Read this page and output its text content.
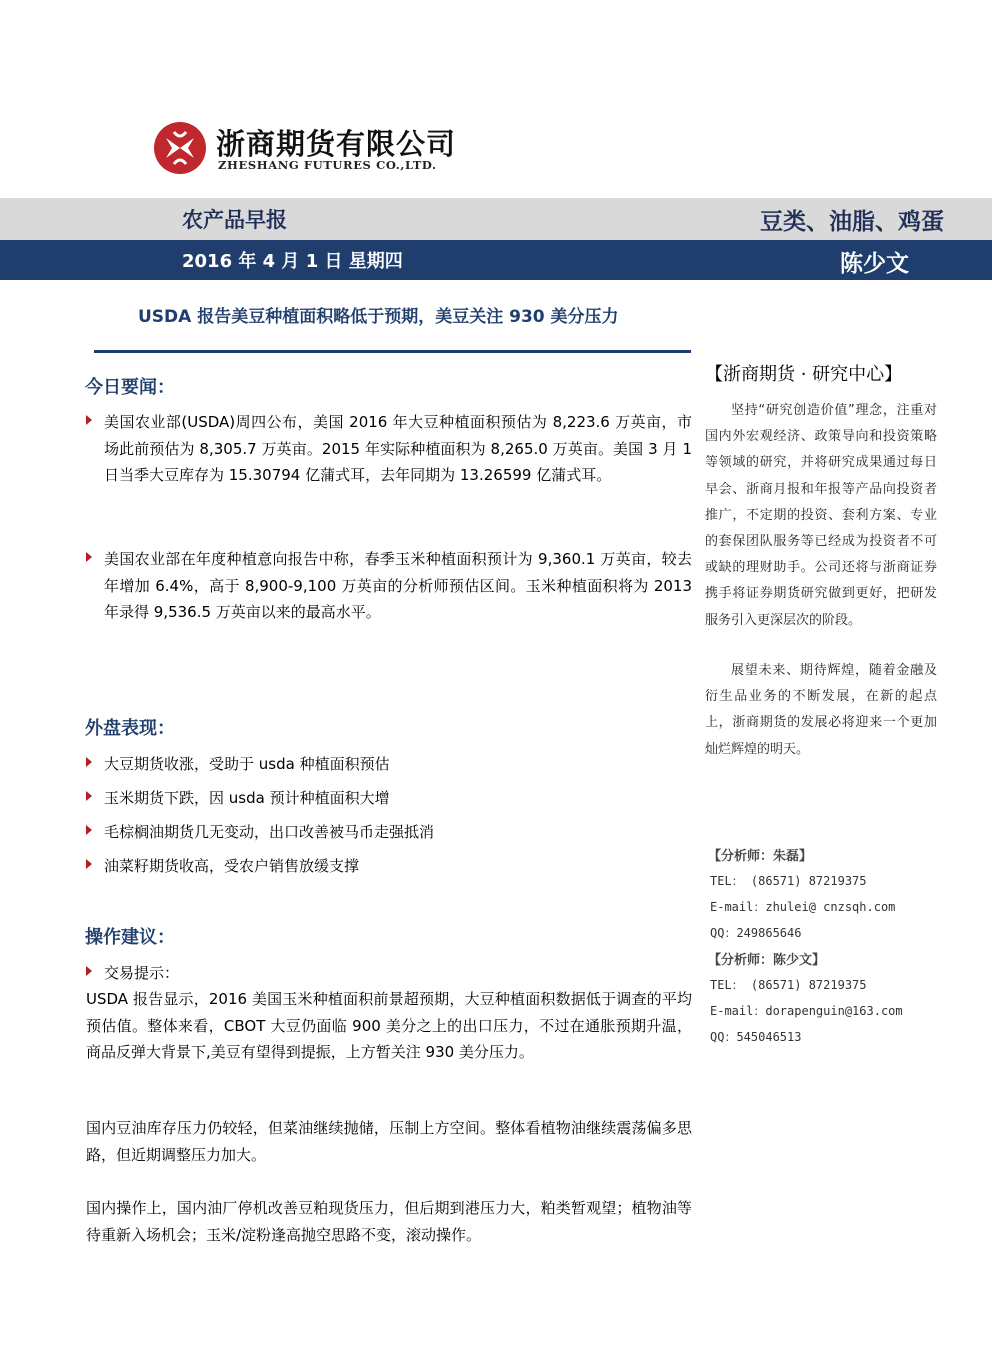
浙商期货有限公司
ZHESHANG FUTURES CO.,LTD.
农产品早报	豆类、油脂、鸡蛋
2016 年 4 月 1 日 星期四	陈少文
USDA 报告美豆种植面积略低于预期，美豆关注 930 美分压力
今日要闻：
美国农业部(USDA)周四公布，美国 2016 年大豆种植面积预估为 8,223.6 万英亩，市场此前预估为 8,305.7 万英亩。2015 年实际种植面积为 8,265.0 万英亩。美国 3 月 1 日当季大豆库存为 15.30794 亿蒲式耳，去年同期为 13.26599 亿蒲式耳。
美国农业部在年度种植意向报告中称，春季玉米种植面积预计为 9,360.1 万英亩，较去年增加 6.4%，高于 8,900-9,100 万英亩的分析师预估区间。玉米种植面积将为 2013 年录得 9,536.5 万英亩以来的最高水平。
外盘表现：
大豆期货收涨，受助于 usda 种植面积预估
玉米期货下跌，因 usda 预计种植面积大增
毛棕榈油期货几无变动，出口改善被马币走强抵消
油菜籽期货收高，受农户销售放缓支撑
操作建议：
交易提示：
USDA 报告显示，2016 美国玉米种植面积前景超预期，大豆种植面积数据低于调查的平均预估值。整体来看，CBOT 大豆仍面临 900 美分之上的出口压力，不过在通胀预期升温，商品反弹大背景下,美豆有望得到提振，上方暂关注 930 美分压力。
国内豆油库存压力仍较轻，但菜油继续抛储，压制上方空间。整体看植物油继续震荡偏多思路，但近期调整压力加大。
国内操作上，国内油厂停机改善豆粕现货压力，但后期到港压力大，粕类暂观望；植物油等待重新入场机会；玉米/淀粉逢高抛空思路不变，滚动操作。
【浙商期货 · 研究中心】
坚持“研究创造价值”理念，注重对国内外宏观经济、政策导向和投资策略等领域的研究，并将研究成果通过每日早会、浙商月报和年报等产品向投资者推广，不定期的投资、套利方案、专业的套保团队服务等已经成为投资者不可或缺的理财助手。公司还将与浙商证券携手将证券期货研究做到更好，把研发服务引入更深层次的阶段。
展望未来、期待辉煌，随着金融及衍生品业务的不断发展，在新的起点上，浙商期货的发展必将迎来一个更加灿烂辉煌的明天。
【分析师：朱磊】
TEL： (86571) 87219375
E-mail：zhulei@ cnzsqh.com
QQ：249865646
【分析师：陈少文】
TEL： (86571) 87219375
E-mail：dorapenguin@163.com
QQ：545046513
